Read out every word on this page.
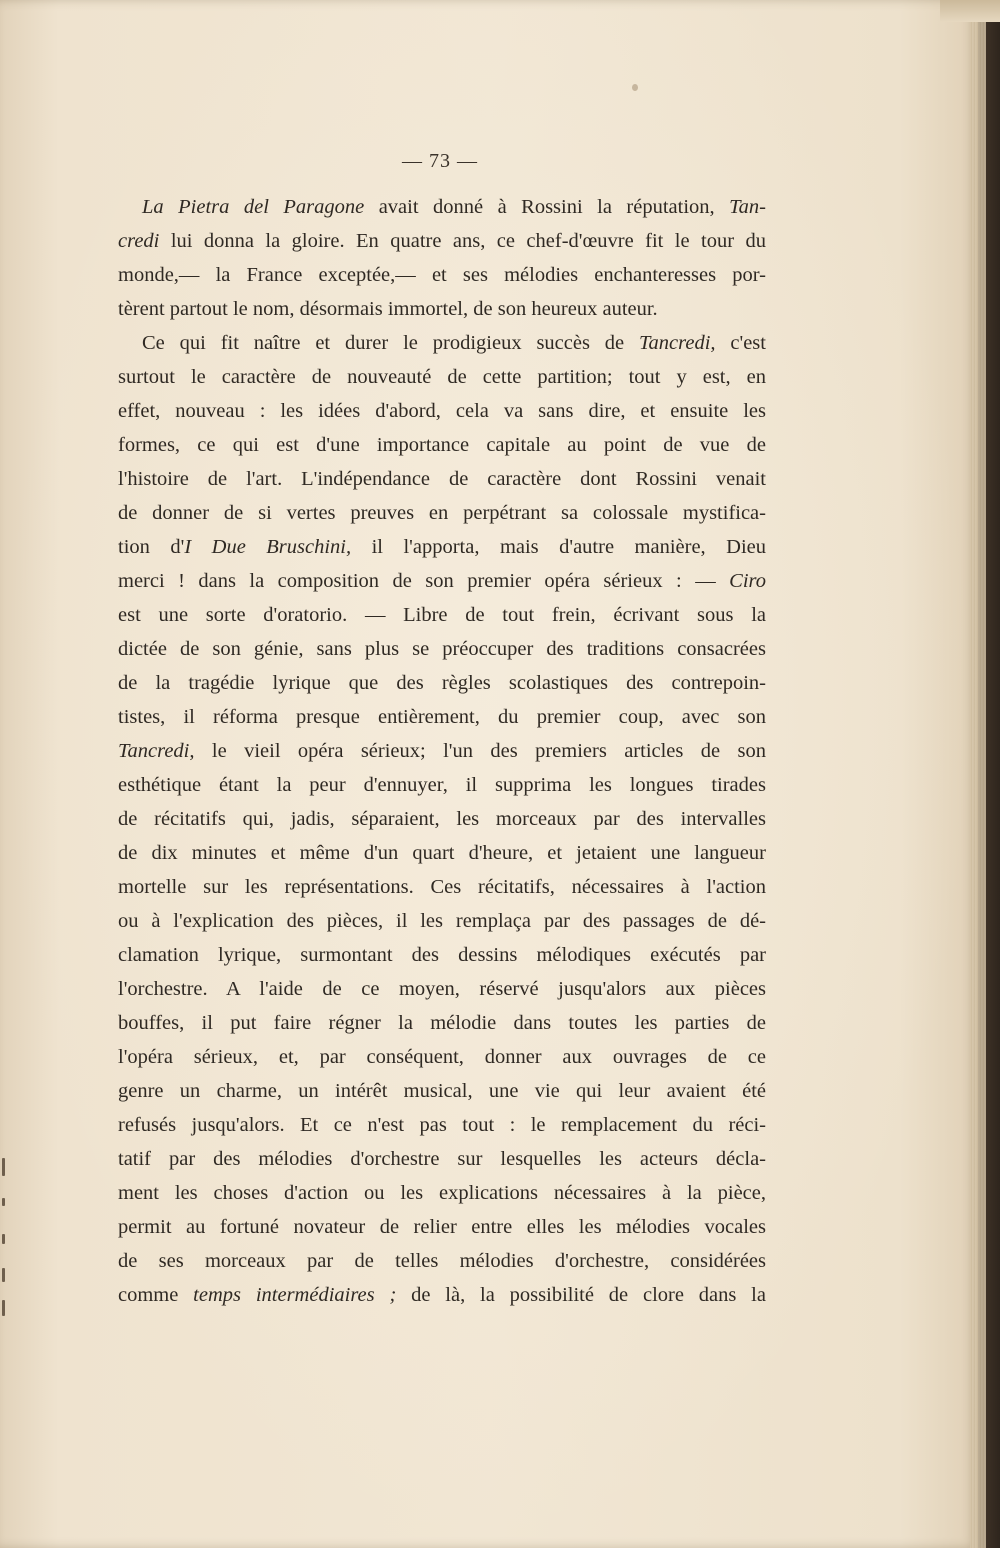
— 73 —
La Pietra del Paragone avait donné à Rossini la réputation, Tan-
credi lui donna la gloire. En quatre ans, ce chef-d'œuvre fit le tour du
monde,— la France exceptée,— et ses mélodies enchanteresses por-
tèrent partout le nom, désormais immortel, de son heureux auteur.
Ce qui fit naître et durer le prodigieux succès de Tancredi, c'est
surtout le caractère de nouveauté de cette partition; tout y est, en
effet, nouveau : les idées d'abord, cela va sans dire, et ensuite les
formes, ce qui est d'une importance capitale au point de vue de
l'histoire de l'art. L'indépendance de caractère dont Rossini venait
de donner de si vertes preuves en perpétrant sa colossale mystifica-
tion d'I Due Bruschini, il l'apporta, mais d'autre manière, Dieu
merci ! dans la composition de son premier opéra sérieux : — Ciro
est une sorte d'oratorio. — Libre de tout frein, écrivant sous la
dictée de son génie, sans plus se préoccuper des traditions consacrées
de la tragédie lyrique que des règles scolastiques des contrepoin-
tistes, il réforma presque entièrement, du premier coup, avec son
Tancredi, le vieil opéra sérieux; l'un des premiers articles de son
esthétique étant la peur d'ennuyer, il supprima les longues tirades
de récitatifs qui, jadis, séparaient, les morceaux par des intervalles
de dix minutes et même d'un quart d'heure, et jetaient une langueur
mortelle sur les représentations. Ces récitatifs, nécessaires à l'action
ou à l'explication des pièces, il les remplaça par des passages de dé-
clamation lyrique, surmontant des dessins mélodiques exécutés par
l'orchestre. A l'aide de ce moyen, réservé jusqu'alors aux pièces
bouffes, il put faire régner la mélodie dans toutes les parties de
l'opéra sérieux, et, par conséquent, donner aux ouvrages de ce
genre un charme, un intérêt musical, une vie qui leur avaient été
refusés jusqu'alors. Et ce n'est pas tout : le remplacement du réci-
tatif par des mélodies d'orchestre sur lesquelles les acteurs décla-
ment les choses d'action ou les explications nécessaires à la pièce,
permit au fortuné novateur de relier entre elles les mélodies vocales
de ses morceaux par de telles mélodies d'orchestre, considérées
comme temps intermédiaires ; de là, la possibilité de clore dans la
